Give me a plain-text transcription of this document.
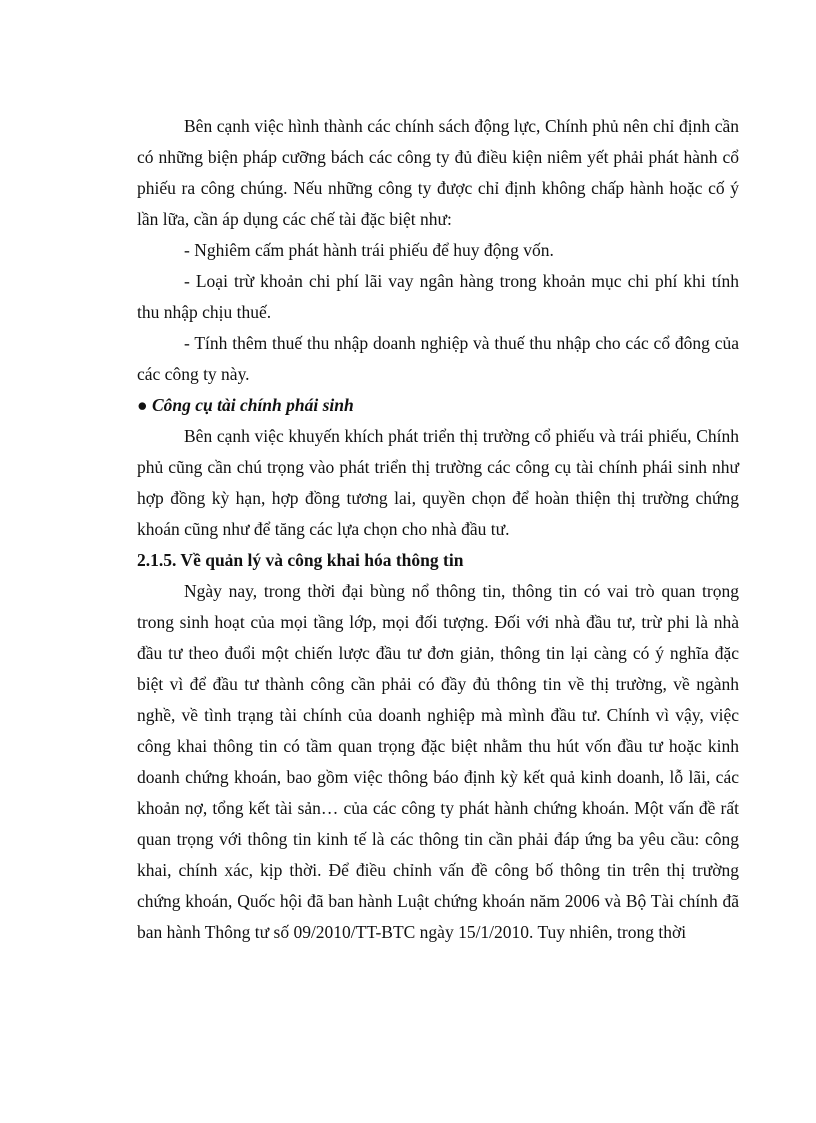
Bên cạnh việc hình thành các chính sách động lực, Chính phủ nên chỉ định cần có những biện pháp cưỡng bách các công ty đủ điều kiện niêm yết phải phát hành cổ phiếu ra công chúng. Nếu những công ty được chỉ định không chấp hành hoặc cố ý lần lữa, cần áp dụng các chế tài đặc biệt như:

- Nghiêm cấm phát hành trái phiếu để huy động vốn.

- Loại trừ khoản chi phí lãi vay ngân hàng trong khoản mục chi phí khi tính thu nhập chịu thuế.

- Tính thêm thuế thu nhập doanh nghiệp và thuế thu nhập cho các cổ đông của các công ty này.

● Công cụ tài chính phái sinh

Bên cạnh việc khuyến khích phát triển thị trường cổ phiếu và trái phiếu, Chính phủ cũng cần chú trọng vào phát triển thị trường các công cụ tài chính phái sinh như hợp đồng kỳ hạn, hợp đồng tương lai, quyền chọn để hoàn thiện thị trường chứng khoán cũng như để tăng các lựa chọn cho nhà đầu tư.

2.1.5. Về quản lý và công khai hóa thông tin

Ngày nay, trong thời đại bùng nổ thông tin, thông tin có vai trò quan trọng trong sinh hoạt của mọi tầng lớp, mọi đối tượng. Đối với nhà đầu tư, trừ phi là nhà đầu tư theo đuổi một chiến lược đầu tư đơn giản, thông tin lại càng có ý nghĩa đặc biệt vì để đầu tư thành công cần phải có đầy đủ thông tin về thị trường, về ngành nghề, về tình trạng tài chính của doanh nghiệp mà mình đầu tư. Chính vì vậy, việc công khai thông tin có tầm quan trọng đặc biệt nhằm thu hút vốn đầu tư hoặc kinh doanh chứng khoán, bao gồm việc thông báo định kỳ kết quả kinh doanh, lỗ lãi, các khoản nợ, tổng kết tài sản… của các công ty phát hành chứng khoán. Một vấn đề rất quan trọng với thông tin kinh tế là các thông tin cần phải đáp ứng ba yêu cầu: công khai, chính xác, kịp thời. Để điều chỉnh vấn đề công bố thông tin trên thị trường chứng khoán, Quốc hội đã ban hành Luật chứng khoán năm 2006 và Bộ Tài chính đã ban hành Thông tư số 09/2010/TT-BTC ngày 15/1/2010. Tuy nhiên, trong thời
